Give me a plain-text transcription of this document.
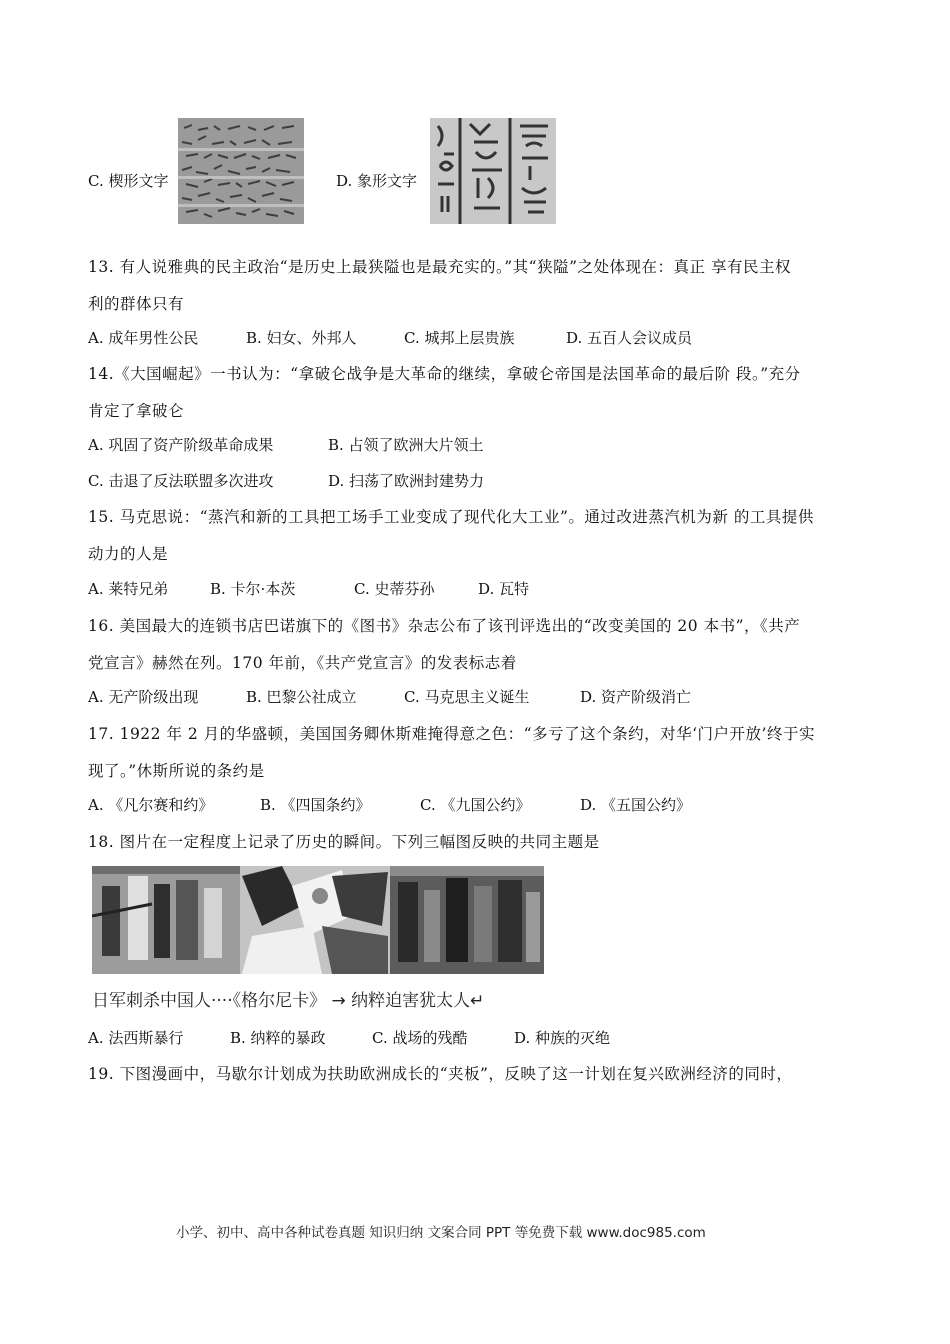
C. 楔形文字	D. 象形文字
13. 有人说雅典的民主政治“是历史上最狭隘也是最充实的。”其“狭隘”之处体现在：真正 享有民主权
利的群体只有
A. 成年男性公民	B. 妇女、外邦人	C. 城邦上层贵族	D. 五百人会议成员
14.《大国崛起》一书认为：“拿破仑战争是大革命的继续，拿破仑帝国是法国革命的最后阶 段。”充分
肯定了拿破仑
A. 巩固了资产阶级革命成果	B. 占领了欧洲大片领土
C. 击退了反法联盟多次进攻	D. 扫荡了欧洲封建势力
15. 马克思说：“蒸汽和新的工具把工场手工业变成了现代化大工业”。通过改进蒸汽机为新 的工具提供
动力的人是
A. 莱特兄弟	B. 卡尔·本茨	C. 史蒂芬孙	D. 瓦特
16. 美国最大的连锁书店巴诺旗下的《图书》杂志公布了该刊评选出的“改变美国的 20 本书”，《共产
党宣言》赫然在列。170 年前，《共产党宣言》的发表标志着
A. 无产阶级出现	B. 巴黎公社成立	C. 马克思主义诞生	D. 资产阶级消亡
17. 1922 年 2 月的华盛顿，美国国务卿休斯难掩得意之色：“多亏了这个条约，对华‘门户开放’终于实
现了。”休斯所说的条约是
A. 《凡尔赛和约》	B. 《四国条约》	C. 《九国公约》	D. 《五国公约》
18. 图片在一定程度上记录了历史的瞬间。下列三幅图反映的共同主题是
日军刺杀中国人····《格尔尼卡》 → 纳粹迫害犹太人↵
A. 法西斯暴行	B. 纳粹的暴政	C. 战场的残酷	D. 种族的灭绝
19. 下图漫画中，马歇尔计划成为扶助欧洲成长的“夹板”，反映了这一计划在复兴欧洲经济的同时，
小学、初中、高中各种试卷真题 知识归纳 文案合同 PPT 等免费下载 www.doc985.com
